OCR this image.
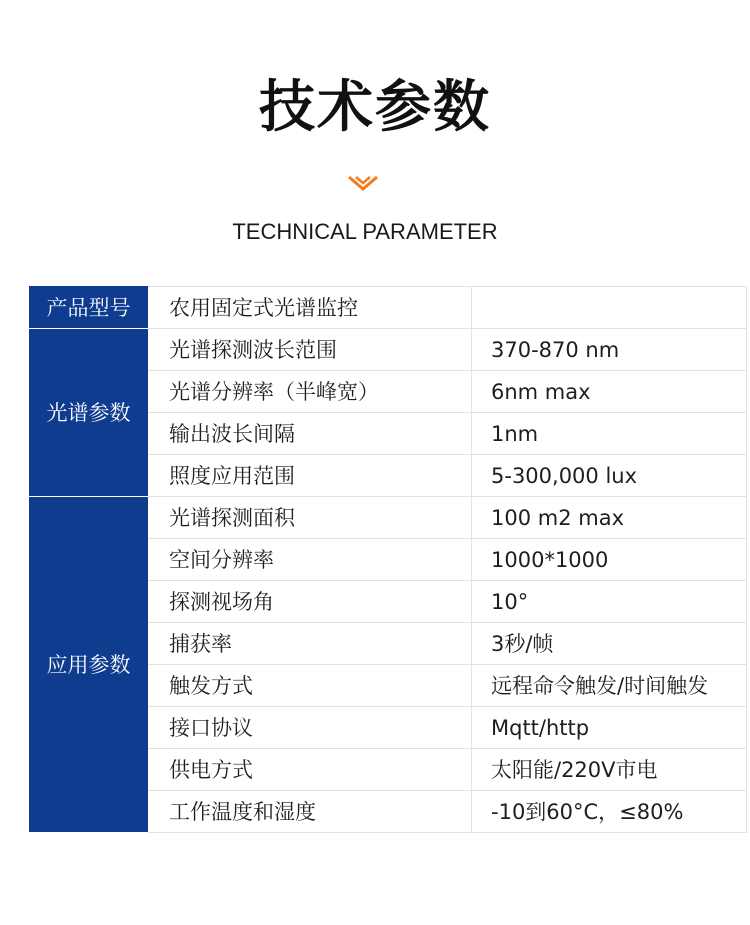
技术参数
TECHNICAL PARAMETER
产品型号	农用固定式光谱监控	
光谱参数	光谱探测波长范围	370-870 nm
	光谱分辨率（半峰宽）	6nm max
	输出波长间隔	1nm
	照度应用范围	5-300,000 lux
应用参数	光谱探测面积	100 m2 max
	空间分辨率	1000*1000
	探测视场角	10°
	捕获率	3秒/帧
	触发方式	远程命令触发/时间触发
	接口协议	Mqtt/http
	供电方式	太阳能/220V市电
	工作温度和湿度	-10到60°C，≤80%
